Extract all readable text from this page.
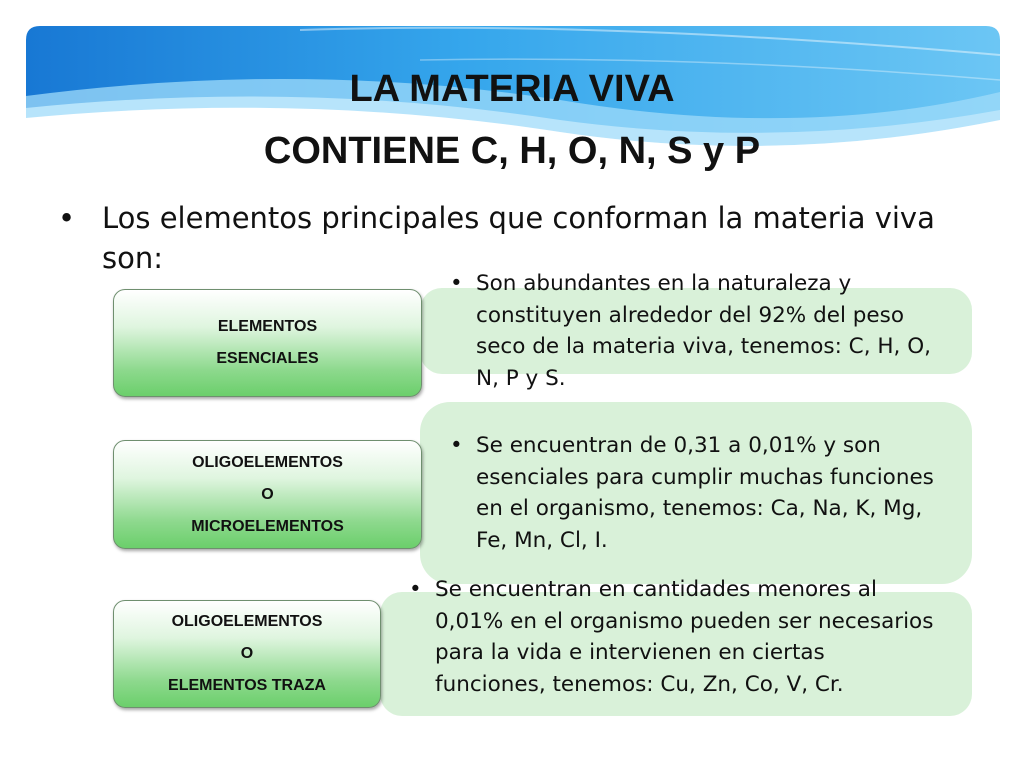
LA MATERIA VIVA
CONTIENE C, H, O, N, S y P
• Los elementos principales que conforman la materia viva son:
ELEMENTOS
ESENCIALES
OLIGOELEMENTOS
O
MICROELEMENTOS
OLIGOELEMENTOS
O
ELEMENTOS TRAZA
• Son abundantes en la naturaleza y constituyen alrededor del 92% del peso seco de la materia viva, tenemos: C, H, O, N, P y S.
• Se encuentran de 0,31 a 0,01% y son esenciales para cumplir muchas funciones en el organismo, tenemos: Ca, Na, K, Mg, Fe, Mn, Cl, I.
• Se encuentran en cantidades menores al 0,01% en el organismo pueden ser necesarios para la vida e intervienen en ciertas funciones, tenemos: Cu, Zn, Co, V, Cr.
